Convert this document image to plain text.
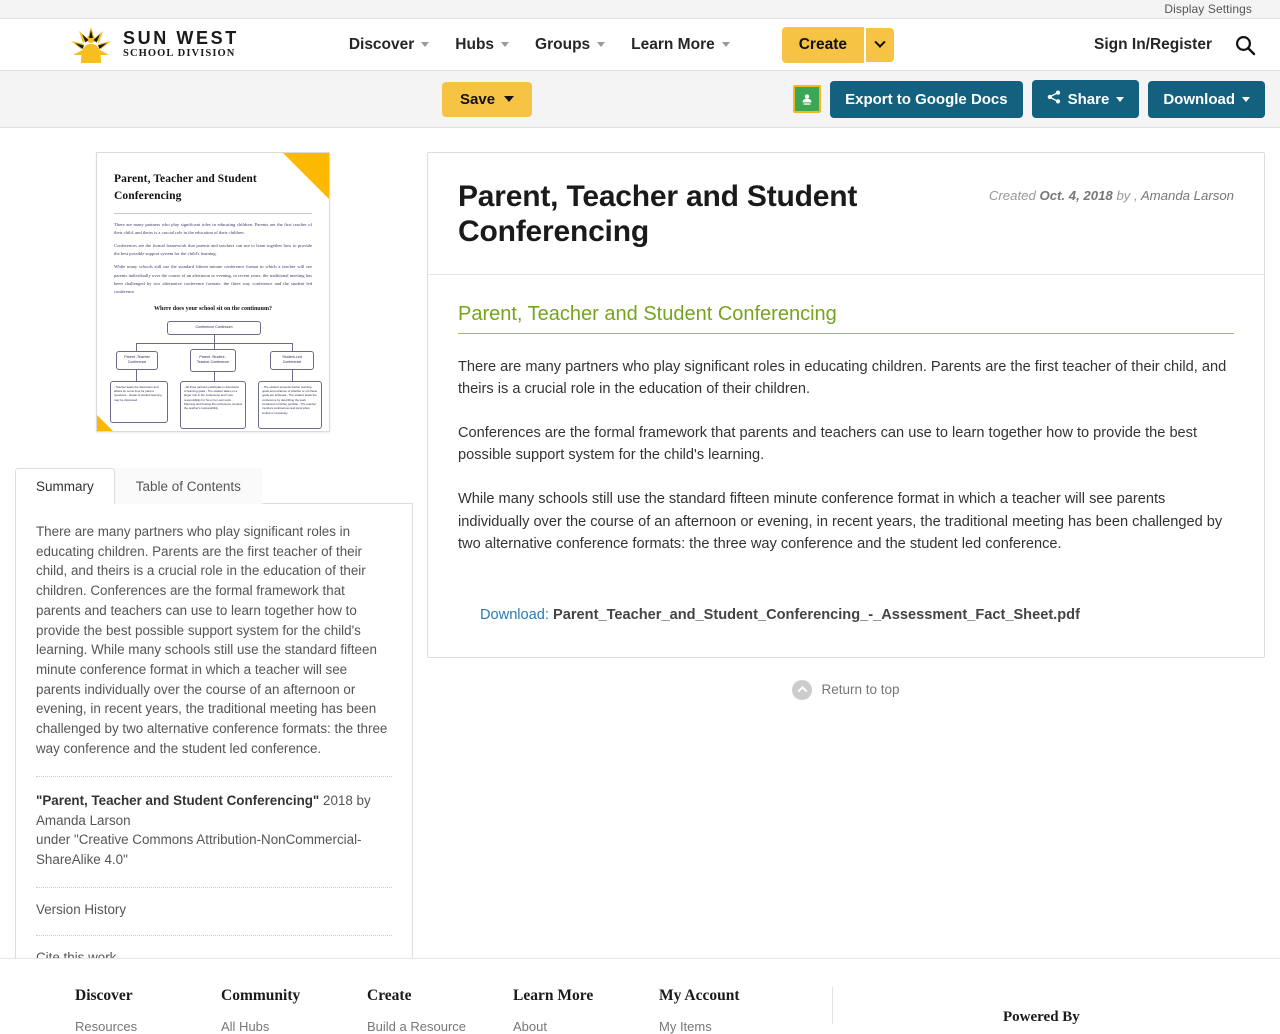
Display Settings
SUN WEST
SCHOOL DIVISION
Discover	Hubs	Groups	Learn More	Create	Sign In/Register
Save	Export to Google Docs	Share	Download
Parent, Teacher and Student Conferencing
There are many partners who play significant roles in educating children. Parents are the first teacher of their child, and theirs is a crucial role in the education of their children.
Conferences are the formal framework that parents and teachers can use to learn together how to provide the best possible support system for the child's learning.
While many schools still use the standard fifteen minute conference format in which a teacher will see parents individually over the course of an afternoon or evening, in recent years, the traditional meeting has been challenged by two alternative conference formats: the three way conference and the student led conference.
Where does your school sit on the continuum?
Conference Continuum
Parent -Teacher Conference
Parent -Student - Teacher Conference
Student-Led Conference
- Teacher leads the discussion and allows for some time for parent questions - Grade of student learning may be discussed
- All three partners participate in discussion of learning goals - The student takes on a larger role in the conference and more responsibility for his or her own work - Planning and hosting the conference remains the teacher's responsibility
- The student presents his/her learning goals and evidence of whether or not these goals are achieved - The student leads the conference by describing the work contained in his/her portfolio - The teacher monitors conferences and joins when invited or necessary
Summary	Table of Contents
There are many partners who play significant roles in educating children. Parents are the first teacher of their child, and theirs is a crucial role in the education of their children. Conferences are the formal framework that parents and teachers can use to learn together how to provide the best possible support system for the child's learning. While many schools still use the standard fifteen minute conference format in which a teacher will see parents individually over the course of an afternoon or evening, in recent years, the traditional meeting has been challenged by two alternative conference formats: the three way conference and the student led conference.
"Parent, Teacher and Student Conferencing" 2018 by Amanda Larson
under "Creative Commons Attribution-NonCommercial-ShareAlike 4.0"
Version History
Parent, Teacher and Student Conferencing
Created Oct. 4, 2018 by , Amanda Larson
Parent, Teacher and Student Conferencing

There are many partners who play significant roles in educating children. Parents are the first teacher of their child, and theirs is a crucial role in the education of their children.

Conferences are the formal framework that parents and teachers can use to learn together how to provide the best possible support system for the child's learning.

While many schools still use the standard fifteen minute conference format in which a teacher will see parents individually over the course of an afternoon or evening, in recent years, the traditional meeting has been challenged by two alternative conference formats: the three way conference and the student led conference.

Download: Parent_Teacher_and_Student_Conferencing_-_Assessment_Fact_Sheet.pdf
Return to top
Discover
Resources
Community
All Hubs
Create
Build a Resource
Learn More
About
My Account
My Items
Powered By
